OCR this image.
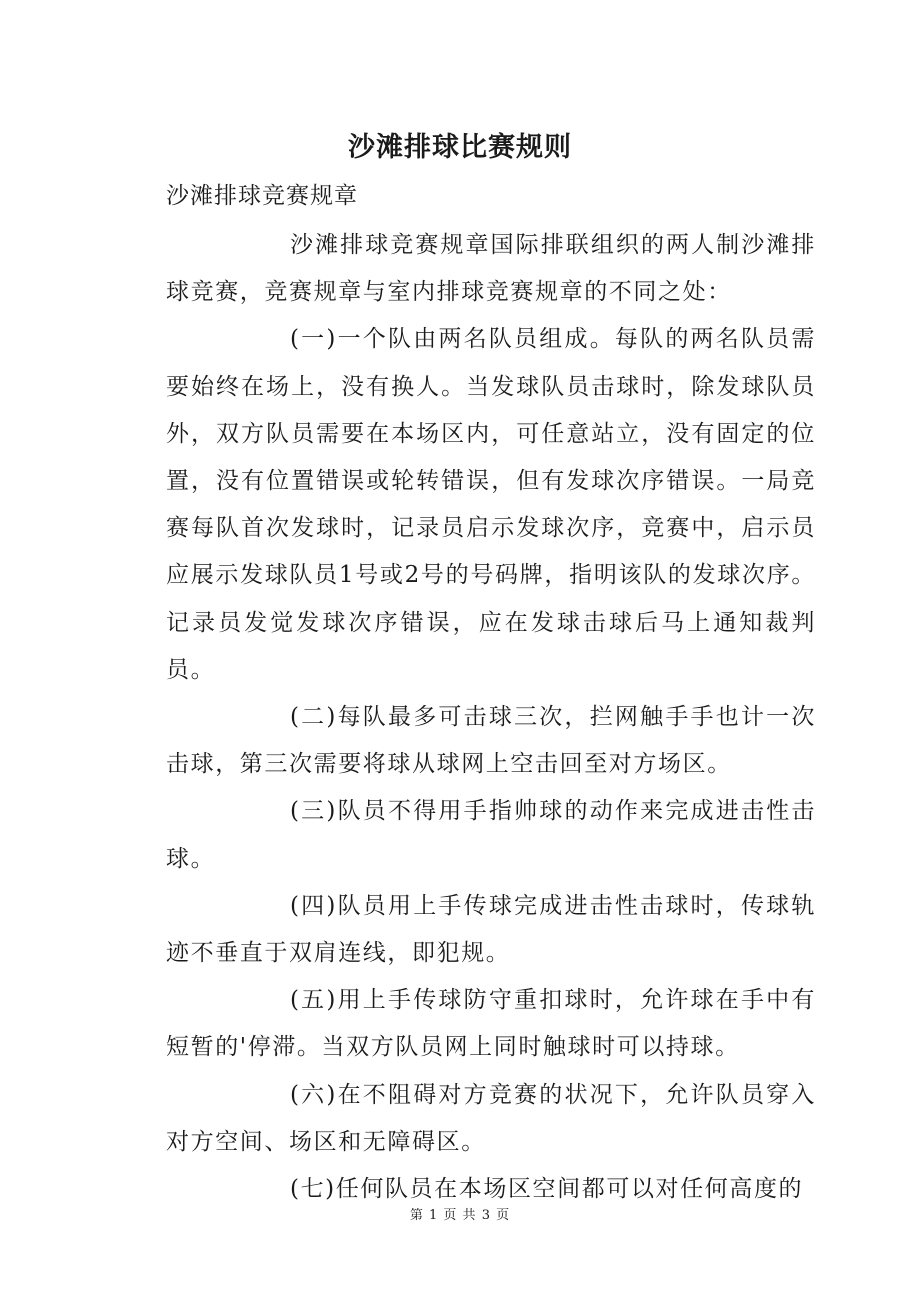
沙滩排球比赛规则
沙滩排球竞赛规章

沙滩排球竞赛规章国际排联组织的两人制沙滩排球竞赛，竞赛规章与室内排球竞赛规章的不同之处：

(一)一个队由两名队员组成。每队的两名队员需要始终在场上，没有换人。当发球队员击球时，除发球队员外，双方队员需要在本场区内，可任意站立，没有固定的位置，没有位置错误或轮转错误，但有发球次序错误。一局竞赛每队首次发球时，记录员启示发球次序，竞赛中，启示员应展示发球队员1号或2号的号码牌，指明该队的发球次序。记录员发觉发球次序错误，应在发球击球后马上通知裁判员。

(二)每队最多可击球三次，拦网触手手也计一次击球，第三次需要将球从球网上空击回至对方场区。

(三)队员不得用手指帅球的动作来完成进击性击球。

(四)队员用上手传球完成进击性击球时，传球轨迹不垂直于双肩连线，即犯规。

(五)用上手传球防守重扣球时，允许球在手中有短暂的'停滞。当双方队员网上同时触球时可以持球。

(六)在不阻碍对方竞赛的状况下，允许队员穿入对方空间、场区和无障碍区。

(七)任何队员在本场区空间都可以对任何高度的

第 1 页 共 3 页
